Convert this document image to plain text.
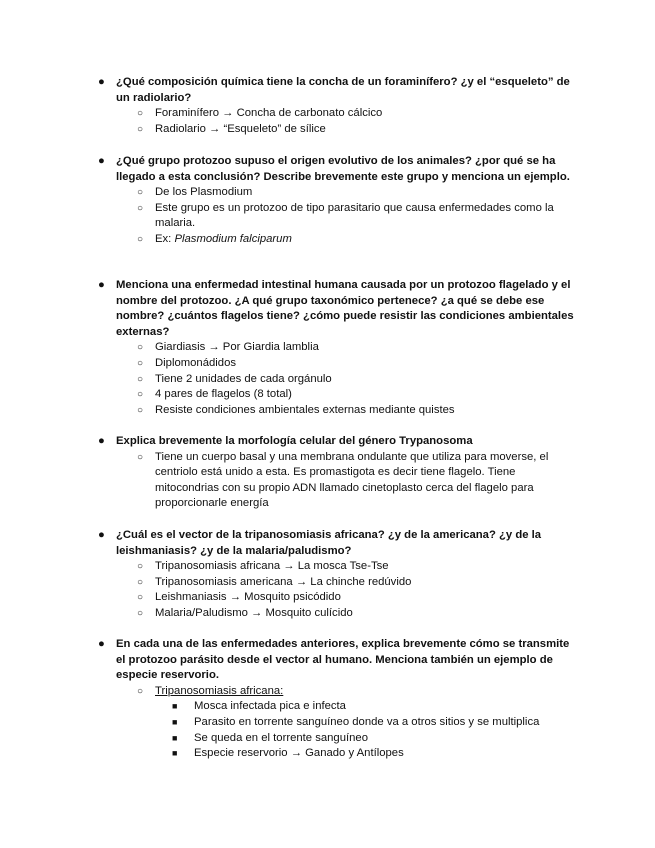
● ¿Qué composición química tiene la concha de un foraminífero? ¿y el “esqueleto” de un radiolario?
○ Foraminífero → Concha de carbonato cálcico
○ Radiolario → “Esqueleto” de sílice
● ¿Qué grupo protozoo supuso el origen evolutivo de los animales? ¿por qué se ha llegado a esta conclusión? Describe brevemente este grupo y menciona un ejemplo.
○ De los Plasmodium
○ Este grupo es un protozoo de tipo parasitario que causa enfermedades como la malaria.
○ Ex: Plasmodium falciparum
● Menciona una enfermedad intestinal humana causada por un protozoo flagelado y el nombre del protozoo. ¿A qué grupo taxonómico pertenece? ¿a qué se debe ese nombre? ¿cuántos flagelos tiene? ¿cómo puede resistir las condiciones ambientales externas?
○ Giardiasis → Por Giardia lamblia
○ Diplomonádidos
○ Tiene 2 unidades de cada orgánulo
○ 4 pares de flagelos (8 total)
○ Resiste condiciones ambientales externas mediante quistes
● Explica brevemente la morfología celular del género Trypanosoma
○ Tiene un cuerpo basal y una membrana ondulante que utiliza para moverse, el centriolo está unido a esta. Es promastigota es decir tiene flagelo. Tiene mitocondrias con su propio ADN llamado cinetoplasto cerca del flagelo para proporcionarle energía
● ¿Cuál es el vector de la tripanosomiasis africana? ¿y de la americana? ¿y de la leishmaniasis? ¿y de la malaria/paludismo?
○ Tripanosomiasis africana → La mosca Tse-Tse
○ Tripanosomiasis americana → La chinche redúvido
○ Leishmaniasis → Mosquito psicódido
○ Malaria/Paludismo → Mosquito culícido
● En cada una de las enfermedades anteriores, explica brevemente cómo se transmite el protozoo parásito desde el vector al humano. Menciona también un ejemplo de especie reservorio.
○ Tripanosomiasis africana:
■ Mosca infectada pica e infecta
■ Parasito en torrente sanguíneo donde va a otros sitios y se multiplica
■ Se queda en el torrente sanguíneo
■ Especie reservorio → Ganado y Antílopes
